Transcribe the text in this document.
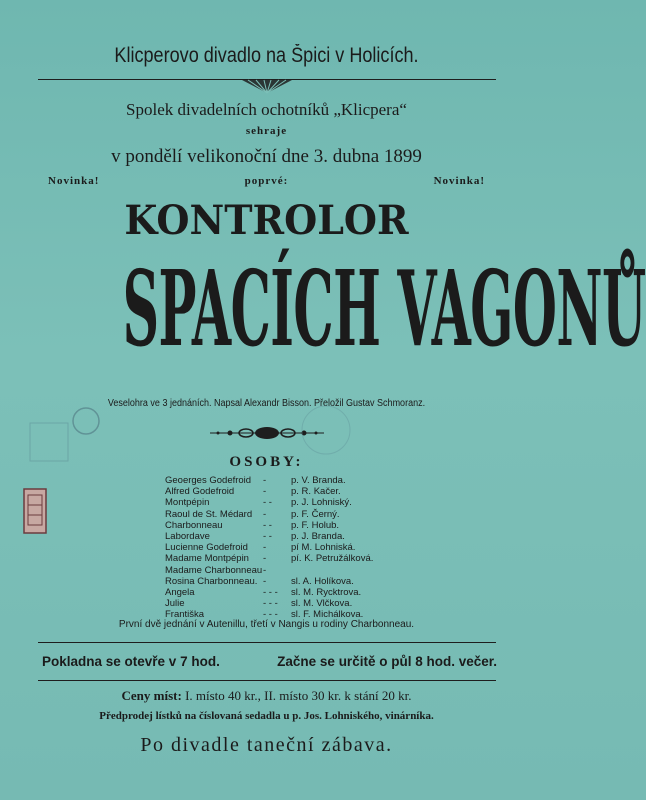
Klicperovo divadlo na Špici v Holicích.
Spolek divadelních ochotníků „Klicpera“
sehraje
v pondělí velikonoční dne 3. dubna 1899
Novinka!	poprvé:	Novinka!
KONTROLOR
SPACÍCH VAGONŮ
Veselohra ve 3 jednáních. Napsal Alexandr Bisson. Přeložil Gustav Schmoranz.
OSOBY:
Geoerges Godefroid	-	p. V. Branda.
Alfred Godefroid	-	p. R. Kačer.
Montpépin	- -	p. J. Lohniský.
Raoul de St. Médard	-	p. F. Černý.
Charbonneau	- -	p. F. Holub.
Labordave	- -	p. J. Branda.
Lucienne Godefroid	-	pí M. Lohniská.
Madame Montpépin	-	pí. K. Petružálková.
Madame Charbonneau -
Rosina Charbonneau. -	sl. A. Holíkova.
Angela	- - -	sl. M. Rycktrova.
Julie	- - -	sl. M. Vlčkova.
Františka	- - -	sl. F. Michálkova.
První dvě jednání v Autenillu, třetí v Nangis u rodiny Charbonneau.
Pokladna se otevře v 7 hod.	Začne se určitě o půl 8 hod. večer.
Ceny míst: I. místo 40 kr., II. místo 30 kr. k stání 20 kr.
Předprodej lístků na číslovaná sedadla u p. Jos. Lohniského, vinárníka.
Po divadle taneční zábava.
